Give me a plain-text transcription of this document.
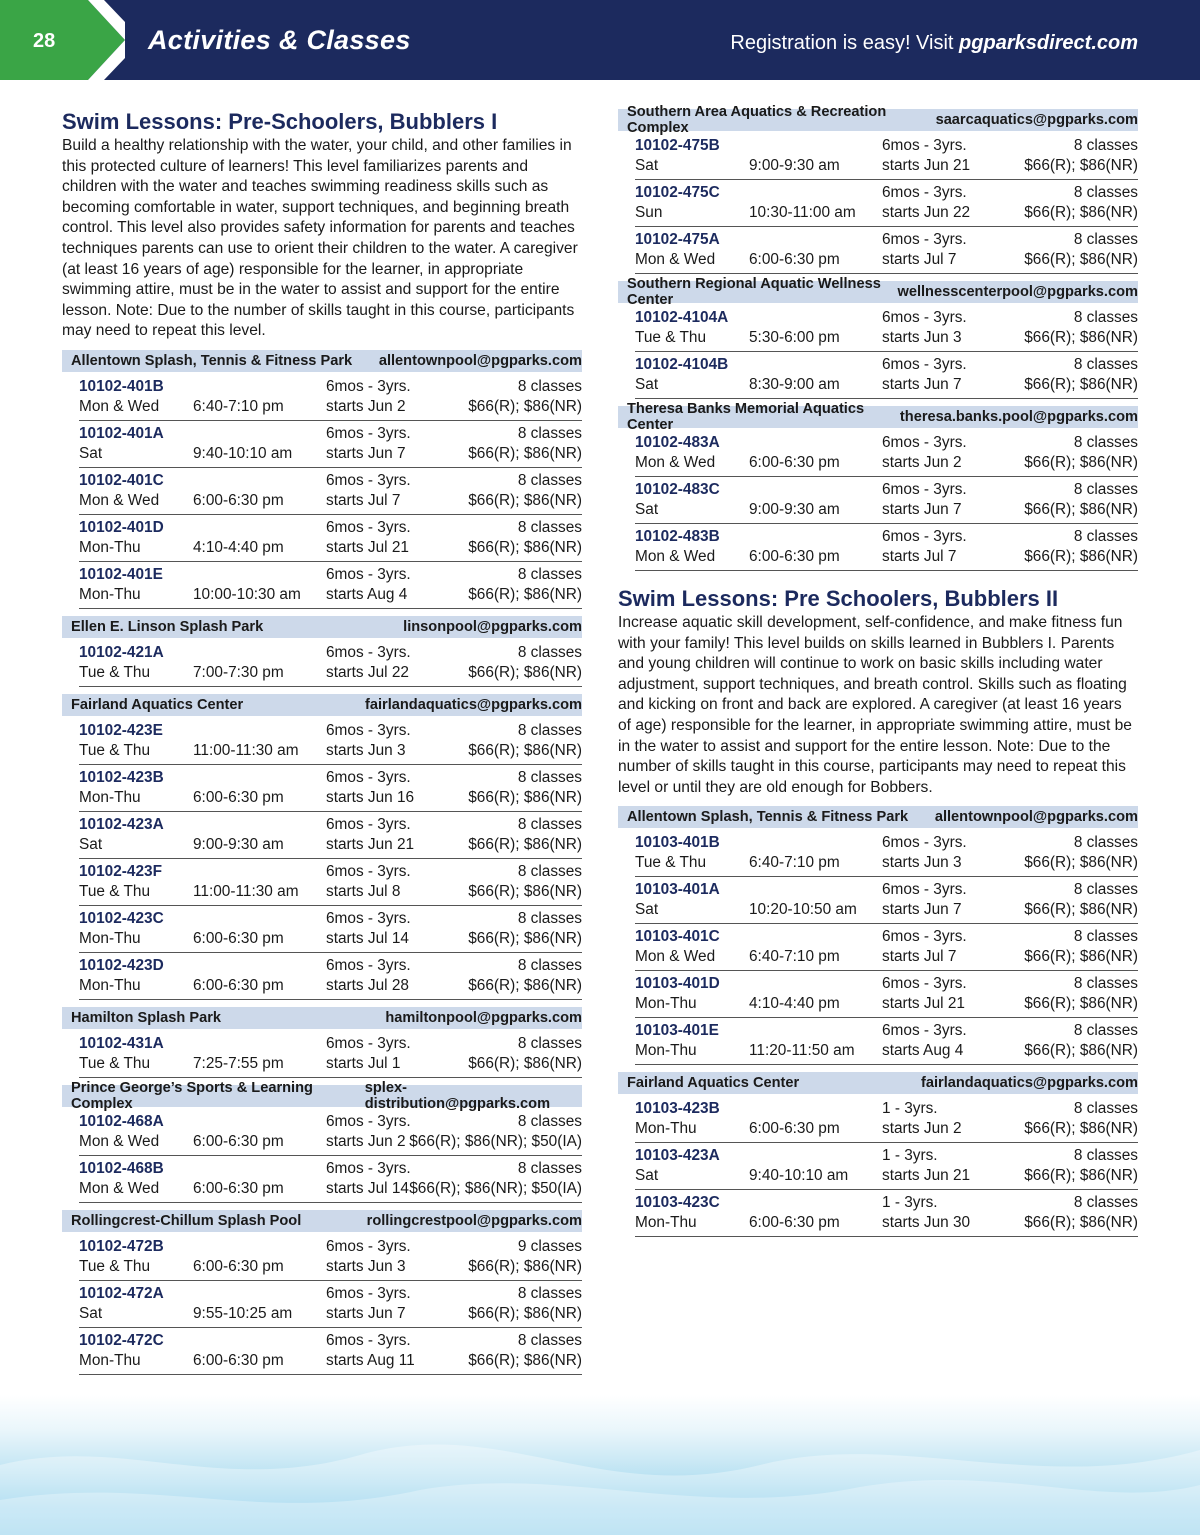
28	Activities & Classes	Registration is easy! Visit pgparksdirect.com
Swim Lessons: Pre-Schoolers, Bubblers I
Build a healthy relationship with the water, your child, and other families in this protected culture of learners! This level familiarizes parents and children with the water and teaches swimming readiness skills such as becoming comfortable in water, support techniques, and beginning breath control. This level also provides safety information for parents and teaches techniques parents can use to orient their children to the water. A caregiver (at least 16 years of age) responsible for the learner, in appropriate swimming attire, must be in the water to assist and support for the entire lesson. Note: Due to the number of skills taught in this course, participants may need to repeat this level.
Allentown Splash, Tennis & Fitness Park allentownpool@pgparks.com
10102-401B	6mos - 3yrs.	8 classes
Mon & Wed 6:40-7:10 pm	starts Jun 2	$66(R); $86(NR)
10102-401A	6mos - 3yrs.	8 classes
Sat	9:40-10:10 am starts Jun 7	$66(R); $86(NR)
10102-401C	6mos - 3yrs.	8 classes
Mon & Wed 6:00-6:30 pm	starts Jul 7	$66(R); $86(NR)
10102-401D	6mos - 3yrs.	8 classes
Mon-Thu	4:10-4:40 pm	starts Jul 21	$66(R); $86(NR)
10102-401E	6mos - 3yrs.	8 classes
Mon-Thu	10:00-10:30 am starts Aug 4	$66(R); $86(NR)
Ellen E. Linson Splash Park	linsonpool@pgparks.com
10102-421A	6mos - 3yrs.	8 classes
Tue & Thu	7:00-7:30 pm	starts Jul 22	$66(R); $86(NR)
Fairland Aquatics Center	fairlandaquatics@pgparks.com
10102-423E	6mos - 3yrs.	8 classes
Tue & Thu	11:00-11:30 am starts Jun 3	$66(R); $86(NR)
10102-423B	6mos - 3yrs.	8 classes
Mon-Thu	6:00-6:30 pm	starts Jun 16	$66(R); $86(NR)
10102-423A	6mos - 3yrs.	8 classes
Sat	9:00-9:30 am	starts Jun 21	$66(R); $86(NR)
10102-423F	6mos - 3yrs.	8 classes
Tue & Thu	11:00-11:30 am starts Jul 8	$66(R); $86(NR)
10102-423C	6mos - 3yrs.	8 classes
Mon-Thu	6:00-6:30 pm	starts Jul 14	$66(R); $86(NR)
10102-423D	6mos - 3yrs.	8 classes
Mon-Thu	6:00-6:30 pm	starts Jul 28	$66(R); $86(NR)
Hamilton Splash Park	hamiltonpool@pgparks.com
10102-431A	6mos - 3yrs.	8 classes
Tue & Thu	7:25-7:55 pm	starts Jul 1	$66(R); $86(NR)
Prince George’s Sports & Learning Complex
splex-distribution@pgparks.com
10102-468A	6mos - 3yrs.	8 classes
Mon & Wed 6:00-6:30 pm	starts Jun 2 $66(R); $86(NR); $50(IA)
10102-468B	6mos - 3yrs.	8 classes
Mon & Wed 6:00-6:30 pm	starts Jul 14 $66(R); $86(NR); $50(IA)
Rollingcrest-Chillum Splash Pool	rollingcrestpool@pgparks.com
10102-472B	6mos - 3yrs.	9 classes
Tue & Thu	6:00-6:30 pm	starts Jun 3	$66(R); $86(NR)
10102-472A	6mos - 3yrs.	8 classes
Sat	9:55-10:25 am starts Jun 7	$66(R); $86(NR)
10102-472C	6mos - 3yrs.	8 classes
Mon-Thu	6:00-6:30 pm	starts Aug 11	$66(R); $86(NR)
Southern Area Aquatics & Recreation Complex	saarcaquatics@pgparks.com
10102-475B	6mos - 3yrs.	8 classes
Sat	9:00-9:30 am	starts Jun 21	$66(R); $86(NR)
10102-475C	6mos - 3yrs.	8 classes
Sun	10:30-11:00 am starts Jun 22	$66(R); $86(NR)
10102-475A	6mos - 3yrs.	8 classes
Mon & Wed 6:00-6:30 pm	starts Jul 7	$66(R); $86(NR)
Southern Regional Aquatic Wellness Center	wellnesscenterpool@pgparks.com
10102-4104A	6mos - 3yrs.	8 classes
Tue & Thu	5:30-6:00 pm	starts Jun 3	$66(R); $86(NR)
10102-4104B	6mos - 3yrs.	8 classes
Sat	8:30-9:00 am	starts Jun 7	$66(R); $86(NR)
Theresa Banks Memorial Aquatics Center	theresa.banks.pool@pgparks.com
10102-483A	6mos - 3yrs.	8 classes
Mon & Wed 6:00-6:30 pm	starts Jun 2	$66(R); $86(NR)
10102-483C	6mos - 3yrs.	8 classes
Sat	9:00-9:30 am	starts Jun 7	$66(R); $86(NR)
10102-483B	6mos - 3yrs.	8 classes
Mon & Wed 6:00-6:30 pm	starts Jul 7	$66(R); $86(NR)
Swim Lessons: Pre Schoolers, Bubblers II
Increase aquatic skill development, self-confidence, and make fitness fun with your family! This level builds on skills learned in Bubblers I. Parents and young children will continue to work on basic skills including water adjustment, support techniques, and breath control. Skills such as floating and kicking on front and back are explored. A caregiver (at least 16 years of age) responsible for the learner, in appropriate swimming attire, must be in the water to assist and support for the entire lesson. Note: Due to the number of skills taught in this course, participants may need to repeat this level or until they are old enough for Bobbers.
Allentown Splash, Tennis & Fitness Park allentownpool@pgparks.com
10103-401B	6mos - 3yrs.	8 classes
Tue & Thu	6:40-7:10 pm	starts Jun 3	$66(R); $86(NR)
10103-401A	6mos - 3yrs.	8 classes
Sat	10:20-10:50 am starts Jun 7	$66(R); $86(NR)
10103-401C	6mos - 3yrs.	8 classes
Mon & Wed 6:40-7:10 pm	starts Jul 7	$66(R); $86(NR)
10103-401D	6mos - 3yrs.	8 classes
Mon-Thu	4:10-4:40 pm	starts Jul 21	$66(R); $86(NR)
10103-401E	6mos - 3yrs.	8 classes
Mon-Thu	11:20-11:50 am starts Aug 4	$66(R); $86(NR)
Fairland Aquatics Center	fairlandaquatics@pgparks.com
10103-423B	1 - 3yrs.	8 classes
Mon-Thu	6:00-6:30 pm	starts Jun 2	$66(R); $86(NR)
10103-423A	1 - 3yrs.	8 classes
Sat	9:40-10:10 am starts Jun 21	$66(R); $86(NR)
10103-423C	1 - 3yrs.	8 classes
Mon-Thu	6:00-6:30 pm	starts Jun 30	$66(R); $86(NR)
